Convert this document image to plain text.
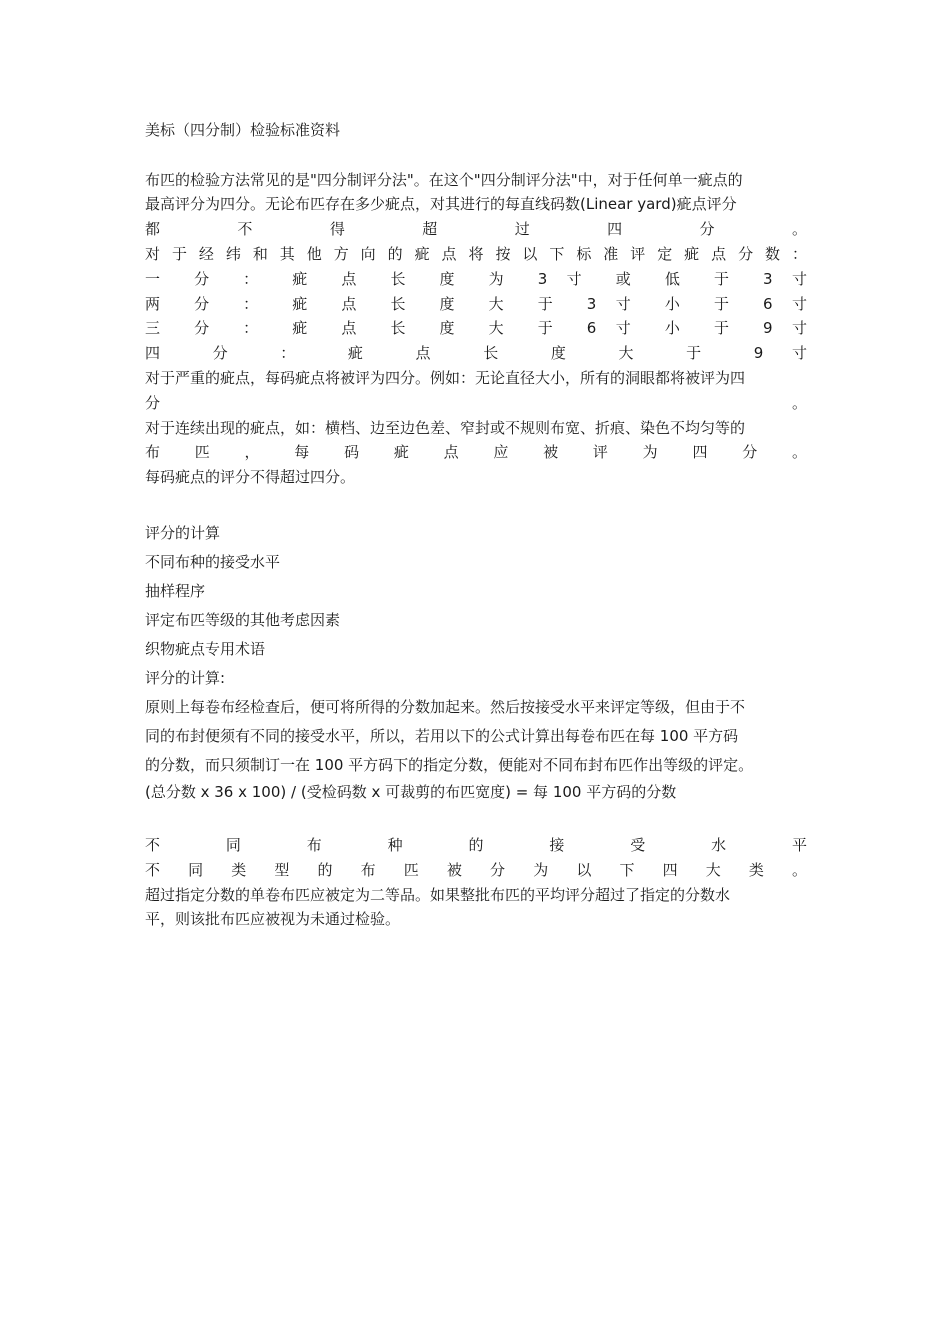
美标（四分制）检验标准资料
布匹的检验方法常见的是"四分制评分法"。在这个"四分制评分法"中，对于任何单一疵点的
最高评分为四分。无论布匹存在多少疵点，对其进行的每直线码数(Linear yard)疵点评分
都 不 得 超 过 四 分 。
对 于 经 纬 和 其 他 方 向 的 疵 点 将 按 以 下 标 准 评 定 疵 点 分 数 ：
一 分 ： 疵 点 长 度 为 3 寸 或 低 于 3 寸
两 分 ： 疵 点 长 度 大 于 3 寸 小 于 6 寸
三 分 ： 疵 点 长 度 大 于 6 寸 小 于 9 寸
四 分 ： 疵 点 长 度 大 于 9 寸
对于严重的疵点，每码疵点将被评为四分。例如：无论直径大小，所有的洞眼都将被评为四
分 。
对于连续出现的疵点，如：横档、边至边色差、窄封或不规则布宽、折痕、染色不均匀等的
布 匹 ， 每 码 疵 点 应 被 评 为 四 分 。
每码疵点的评分不得超过四分。
评分的计算
不同布种的接受水平
抽样程序
评定布匹等级的其他考虑因素
织物疵点专用术语
评分的计算:
原则上每卷布经检查后，便可将所得的分数加起来。然后按接受水平来评定等级，但由于不
同的布封便须有不同的接受水平，所以，若用以下的公式计算出每卷布匹在每 100 平方码
的分数，而只须制订一在 100 平方码下的指定分数，便能对不同布封布匹作出等级的评定。
(总分数 x 36 x 100) / (受检码数 x 可裁剪的布匹宽度) = 每 100 平方码的分数
不 同 布 种 的 接 受 水 平
不 同 类 型 的 布 匹 被 分 为 以 下 四 大 类 。
超过指定分数的单卷布匹应被定为二等品。如果整批布匹的平均评分超过了指定的分数水
平，则该批布匹应被视为未通过检验。
